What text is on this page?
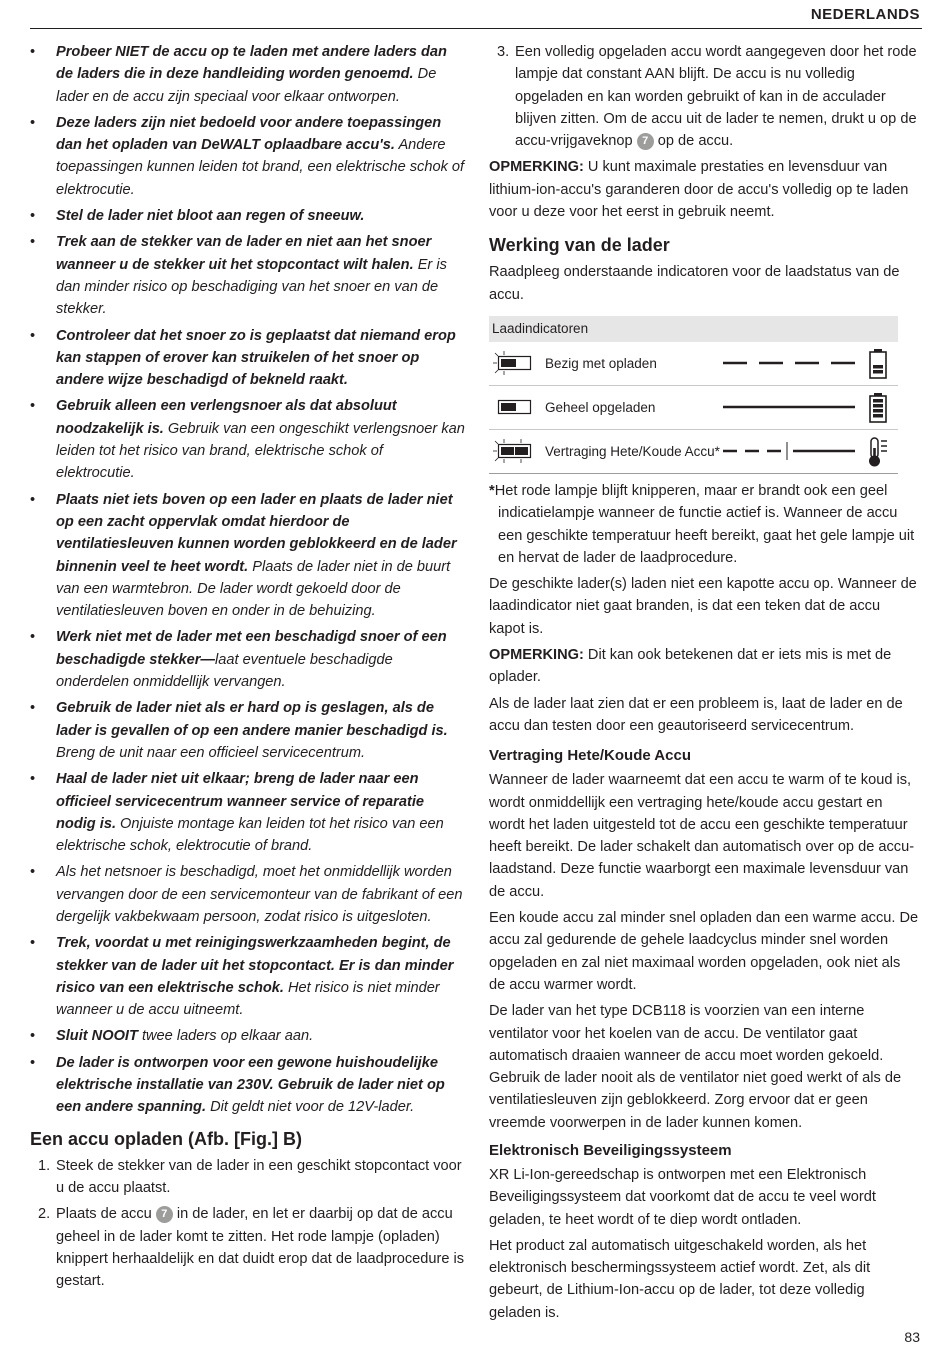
NEDERLANDS
• Probeer NIET de accu op te laden met andere laders dan de laders die in deze handleiding worden genoemd. De lader en de accu zijn speciaal voor elkaar ontworpen.
• Deze laders zijn niet bedoeld voor andere toepassingen dan het opladen van DeWALT oplaadbare accu's. Andere toepassingen kunnen leiden tot brand, een elektrische schok of elektrocutie.
• Stel de lader niet bloot aan regen of sneeuw.
• Trek aan de stekker van de lader en niet aan het snoer wanneer u de stekker uit het stopcontact wilt halen. Er is dan minder risico op beschadiging van het snoer en van de stekker.
• Controleer dat het snoer zo is geplaatst dat niemand erop kan stappen of erover kan struikelen of het snoer op andere wijze beschadigd of bekneld raakt.
• Gebruik alleen een verlengsnoer als dat absoluut noodzakelijk is. Gebruik van een ongeschikt verlengsnoer kan leiden tot het risico van brand, elektrische schok of elektrocutie.
• Plaats niet iets boven op een lader en plaats de lader niet op een zacht oppervlak omdat hierdoor de ventilatiesleuven kunnen worden geblokkeerd en de lader binnenin veel te heet wordt. Plaats de lader niet in de buurt van een warmtebron. De lader wordt gekoeld door de ventilatiesleuven boven en onder in de behuizing.
• Werk niet met de lader met een beschadigd snoer of een beschadigde stekker—laat eventuele beschadigde onderdelen onmiddellijk vervangen.
• Gebruik de lader niet als er hard op is geslagen, als de lader is gevallen of op een andere manier beschadigd is. Breng de unit naar een officieel servicecentrum.
• Haal de lader niet uit elkaar; breng de lader naar een officieel servicecentrum wanneer service of reparatie nodig is. Onjuiste montage kan leiden tot het risico van een elektrische schok, elektrocutie of brand.
• Als het netsnoer is beschadigd, moet het onmiddellijk worden vervangen door de een servicemonteur van de fabrikant of een dergelijk vakbekwaam persoon, zodat risico is uitgesloten.
• Trek, voordat u met reinigingswerkzaamheden begint, de stekker van de lader uit het stopcontact. Er is dan minder risico van een elektrische schok. Het risico is niet minder wanneer u de accu uitneemt.
• Sluit NOOIT twee laders op elkaar aan.
• De lader is ontworpen voor een gewone huishoudelijke elektrische installatie van 230V. Gebruik de lader niet op een andere spanning. Dit geldt niet voor de 12V-lader.
Een accu opladen (Afb. [Fig.] B)
1. Steek de stekker van de lader in een geschikt stopcontact voor u de accu plaatst.
2. Plaats de accu 7 in de lader, en let er daarbij op dat de accu geheel in de lader komt te zitten. Het rode lampje (opladen) knippert herhaaldelijk en dat duidt erop dat de laadprocedure is gestart.
3. Een volledig opgeladen accu wordt aangegeven door het rode lampje dat constant AAN blijft. De accu is nu volledig opgeladen en kan worden gebruikt of kan in de acculader blijven zitten. Om de accu uit de lader te nemen, drukt u op de accu-vrijgaveknop 7 op de accu.

OPMERKING: U kunt maximale prestaties en levensduur van lithium-ion-accu's garanderen door de accu's volledig op te laden voor u deze voor het eerst in gebruik neemt.

Werking van de lader

Raadpleeg onderstaande indicatoren voor de laadstatus van de accu.

Laadindicatoren
Bezig met opladen
Geheel opgeladen
Vertraging Hete/Koude Accu*

*Het rode lampje blijft knipperen, maar er brandt ook een geel indicatielampje wanneer de functie actief is. Wanneer de accu een geschikte temperatuur heeft bereikt, gaat het gele lampje uit en hervat de lader de laadprocedure.

De geschikte lader(s) laden niet een kapotte accu op. Wanneer de laadindicator niet gaat branden, is dat een teken dat de accu kapot is.

OPMERKING: Dit kan ook betekenen dat er iets mis is met de oplader.

Als de lader laat zien dat er een probleem is, laat de lader en de accu dan testen door een geautoriseerd servicecentrum.

Vertraging Hete/Koude Accu

Wanneer de lader waarneemt dat een accu te warm of te koud is, wordt onmiddellijk een vertraging hete/koude accu gestart en wordt het laden uitgesteld tot de accu een geschikte temperatuur heeft bereikt. De lader schakelt dan automatisch over op de accu-laadstand. Deze functie waarborgt een maximale levensduur van de accu.

Een koude accu zal minder snel opladen dan een warme accu. De accu zal gedurende de gehele laadcyclus minder snel worden opgeladen en zal niet maximaal worden opgeladen, ook niet als de accu warmer wordt.

De lader van het type DCB118 is voorzien van een interne ventilator voor het koelen van de accu. De ventilator gaat automatisch draaien wanneer de accu moet worden gekoeld. Gebruik de lader nooit als de ventilator niet goed werkt of als de ventilatiesleuven zijn geblokkeerd. Zorg ervoor dat er geen vreemde voorwerpen in de lader kunnen komen.

Elektronisch Beveiligingssysteem

XR Li-Ion-gereedschap is ontworpen met een Elektronisch Beveiligingssysteem dat voorkomt dat de accu te veel wordt geladen, te heet wordt of te diep wordt ontladen.

Het product zal automatisch uitgeschakeld worden, als het elektronisch beschermingssysteem actief wordt. Zet, als dit gebeurt, de Lithium-Ion-accu op de lader, tot deze volledig geladen is.

83
